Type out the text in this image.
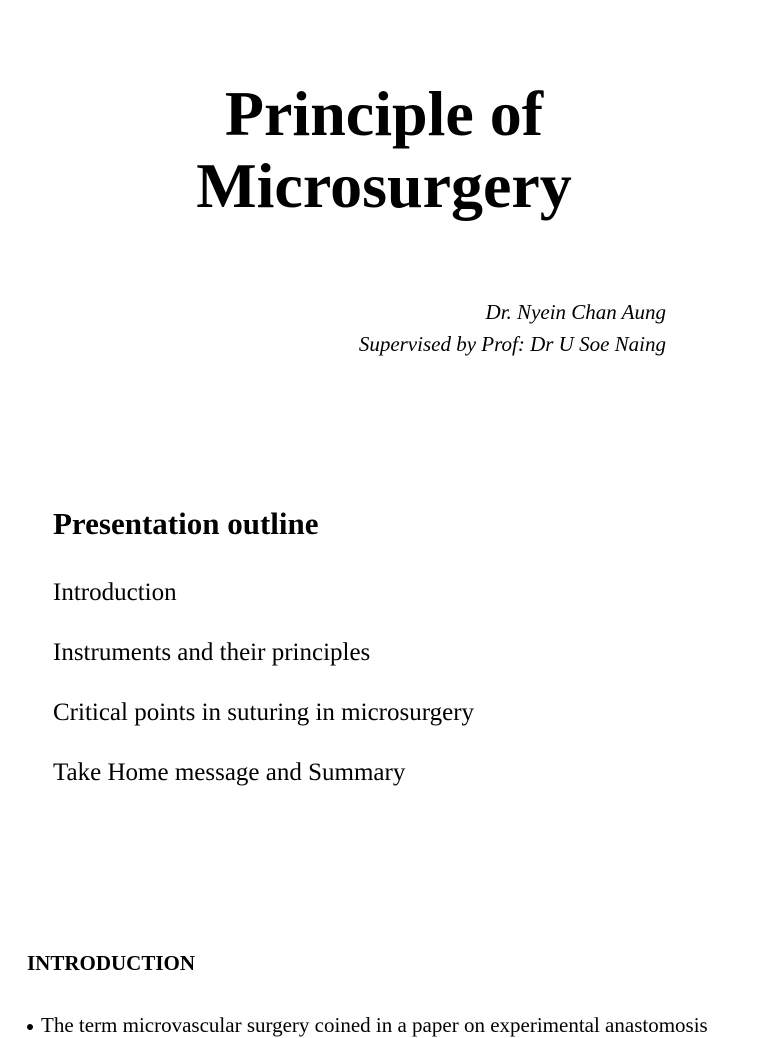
Principle of
Microsurgery
Dr. Nyein Chan Aung
Supervised by Prof: Dr U Soe Naing
Presentation outline
Introduction
Instruments and their principles
Critical points in suturing in microsurgery
Take Home message and Summary
INTRODUCTION
The term microvascular surgery coined in a paper on experimental anastomosis
